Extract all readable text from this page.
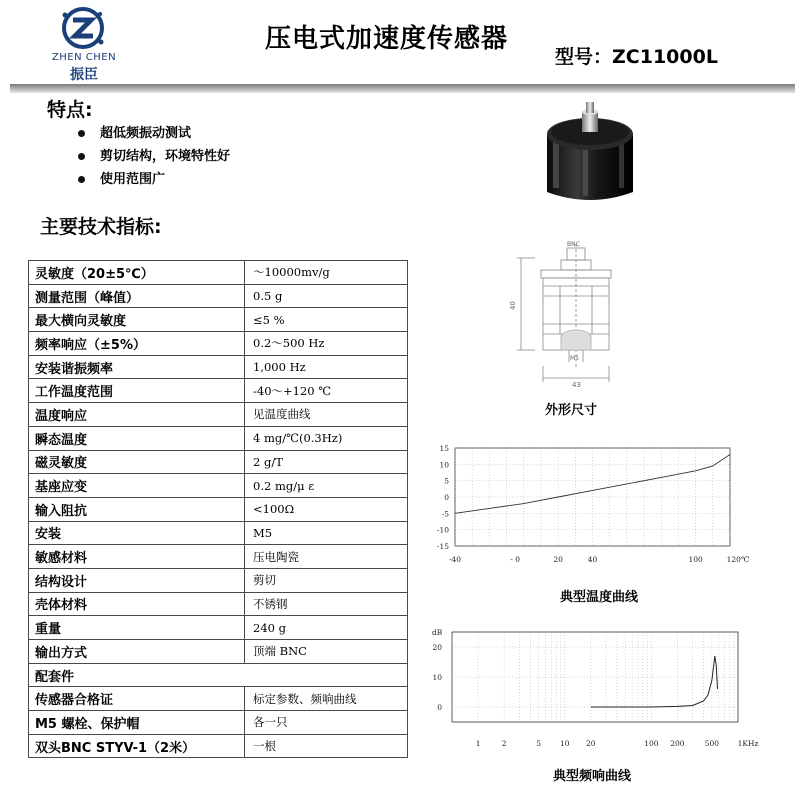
ZHEN CHEN
振臣
压电式加速度传感器
型号：ZC11000L
特点:
超低频振动测试
剪切结构，环境特性好
使用范围广
主要技术指标:
灵敏度（20±5℃）	～10000mv/g
测量范围（峰值）	0.5 g
最大横向灵敏度	≤5 %
频率响应（±5%）	0.2～500 Hz
安装谐振频率	1,000 Hz
工作温度范围	-40～+120 ℃
温度响应	见温度曲线
瞬态温度	4 mg/℃(0.3Hz)
磁灵敏度	2 g/T
基座应变	0.2 mg/μ ε
输入阻抗	<100Ω
安装	M5
敏感材料	压电陶瓷
结构设计	剪切
壳体材料	不锈钢
重量	240 g
输出方式	顶端 BNC
配套件	
传感器合格证	标定参数、频响曲线
M5 螺栓、保护帽	各一只
双头BNC STYV-1（2米）	一根
BNC
40
M5
43
外形尺寸
15
10
5
0
-5
-10
-15
-40	- 0	20	40	100	120℃
典型温度曲线
20
10
0
dB
1	2	5	10 20	100 200	500 1KHz
典型频响曲线
